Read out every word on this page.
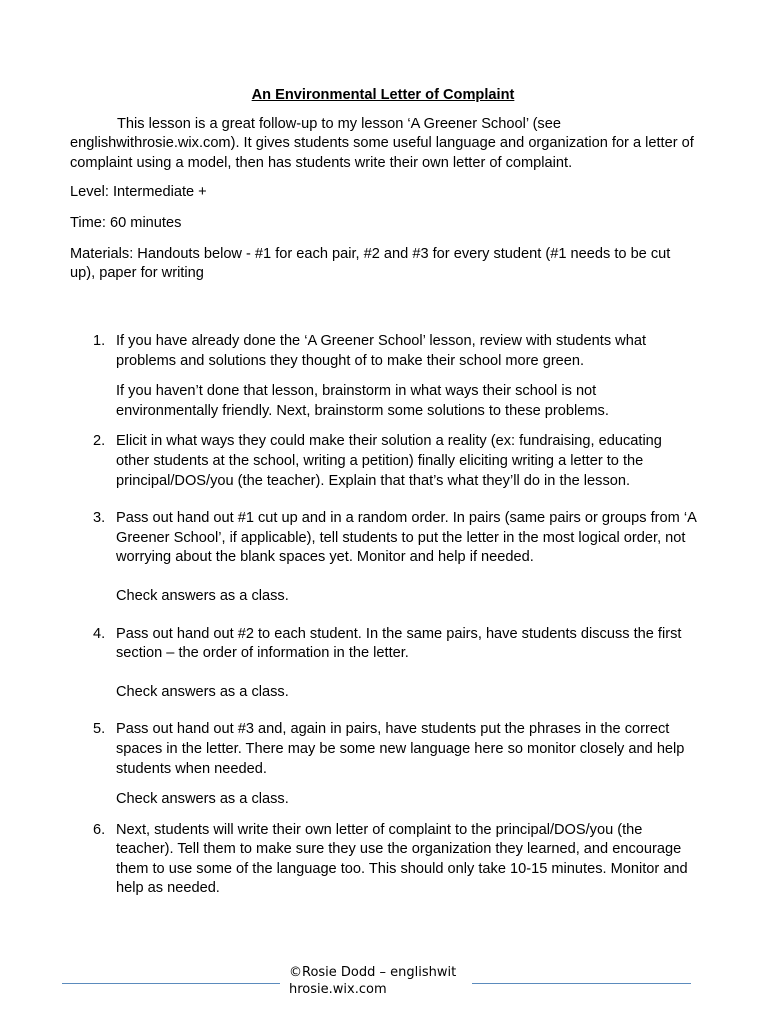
An Environmental Letter of Complaint

This lesson is a great follow-up to my lesson ‘A Greener School’ (see englishwithrosie.wix.com). It gives students some useful language and organization for a letter of complaint using a model, then has students write their own letter of complaint.

Level: Intermediate +

Time: 60 minutes

Materials: Handouts below - #1 for each pair, #2 and #3 for every student (#1 needs to be cut up), paper for writing

1. If you have already done the ‘A Greener School’ lesson, review with students what problems and solutions they thought of to make their school more green.

If you haven’t done that lesson, brainstorm in what ways their school is not environmentally friendly. Next, brainstorm some solutions to these problems.

2. Elicit in what ways they could make their solution a reality (ex: fundraising, educating other students at the school, writing a petition) finally eliciting writing a letter to the principal/DOS/you (the teacher). Explain that that’s what they’ll do in the lesson.

3. Pass out hand out #1 cut up and in a random order. In pairs (same pairs or groups from ‘A Greener School’, if applicable), tell students to put the letter in the most logical order, not worrying about the blank spaces yet. Monitor and help if needed.

Check answers as a class.

4. Pass out hand out #2 to each student. In the same pairs, have students discuss the first section – the order of information in the letter.

Check answers as a class.

5. Pass out hand out #3 and, again in pairs, have students put the phrases in the correct spaces in the letter. There may be some new language here so monitor closely and help students when needed.

Check answers as a class.

6. Next, students will write their own letter of complaint to the principal/DOS/you (the teacher). Tell them to make sure they use the organization they learned, and encourage them to use some of the language too. This should only take 10-15 minutes. Monitor and help as needed.

©Rosie Dodd – englishwithrosie.wix.com
